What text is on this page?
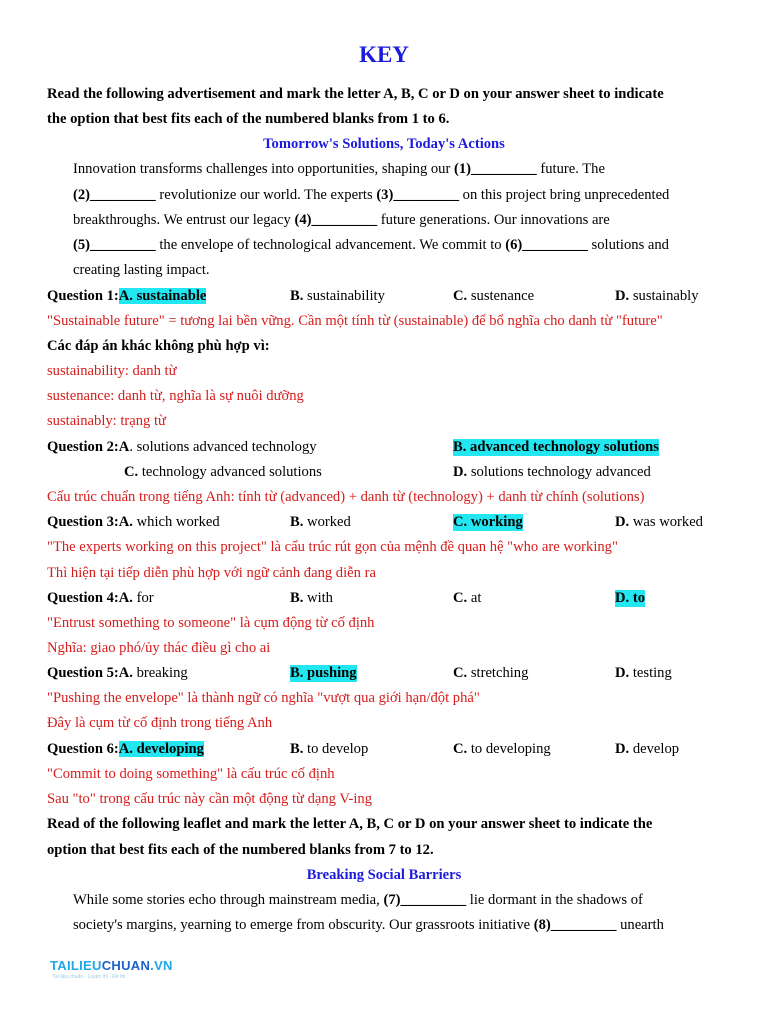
KEY
Read the following advertisement and mark the letter A, B, C or D on your answer sheet to indicate
the option that best fits each of the numbered blanks from 1 to 6.
Tomorrow's Solutions, Today's Actions
Innovation transforms challenges into opportunities, shaping our (1)_________ future. The
(2)_________ revolutionize our world. The experts (3)_________ on this project bring unprecedented
breakthroughs. We entrust our legacy (4)_________ future generations. Our innovations are
(5)_________ the envelope of technological advancement. We commit to (6)_________ solutions and
creating lasting impact.
Question 1:A. sustainable	B. sustainability	C. sustenance	D. sustainably
"Sustainable future" = tương lai bền vững. Cần một tính từ (sustainable) để bổ nghĩa cho danh từ "future"
Các đáp án khác không phù hợp vì:
sustainability: danh từ
sustenance: danh từ, nghĩa là sự nuôi dưỡng
sustainably: trạng từ
Question 2:A. solutions advanced technology	B. advanced technology solutions
C. technology advanced solutions	D. solutions technology advanced
Cấu trúc chuẩn trong tiếng Anh: tính từ (advanced) + danh từ (technology) + danh từ chính (solutions)
Question 3:A. which worked	B. worked	C. working	D. was worked
"The experts working on this project" là cấu trúc rút gọn của mệnh đề quan hệ "who are working"
Thì hiện tại tiếp diễn phù hợp với ngữ cảnh đang diễn ra
Question 4:A. for	B. with	C. at	D. to
"Entrust something to someone" là cụm động từ cố định
Nghĩa: giao phó/ủy thác điều gì cho ai
Question 5:A. breaking	B. pushing	C. stretching	D. testing
"Pushing the envelope" là thành ngữ có nghĩa "vượt qua giới hạn/đột phá"
Đây là cụm từ cố định trong tiếng Anh
Question 6:A. developing	B. to develop	C. to developing	D. develop
"Commit to doing something" là cấu trúc cố định
Sau "to" trong cấu trúc này cần một động từ dạng V-ing
Read of the following leaflet and mark the letter A, B, C or D on your answer sheet to indicate the
option that best fits each of the numbered blanks from 7 to 12.
Breaking Social Barriers
While some stories echo through mainstream media, (7)_________ lie dormant in the shadows of
society's margins, yearning to emerge from obscurity. Our grassroots initiative (8)_________ unearth
TAILIEUCHUAN.VN
Tài liệu chuẩn - Luyện thi - Đề thi
